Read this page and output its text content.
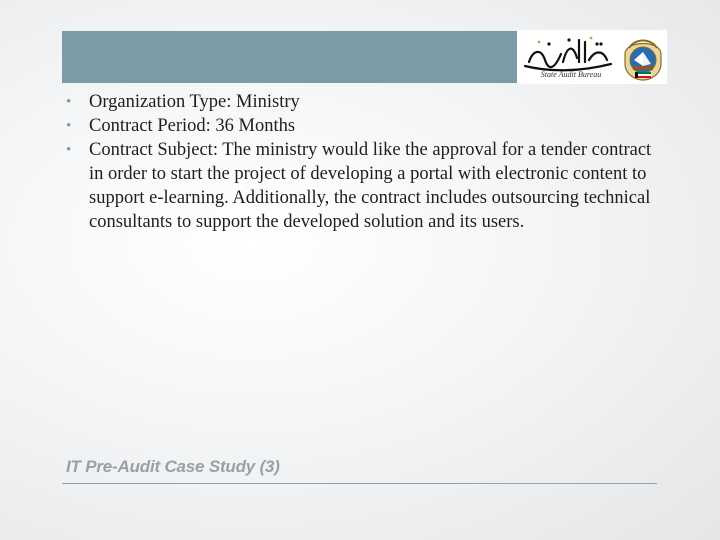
State Audit Bureau
• Organization Type: Ministry
• Contract Period: 36 Months
• Contract Subject: The ministry would like the approval for a tender contract in order to start the project of developing a portal with electronic content to support e-learning. Additionally, the contract includes outsourcing technical consultants to support the developed solution and its users.
IT Pre-Audit Case Study (3)
